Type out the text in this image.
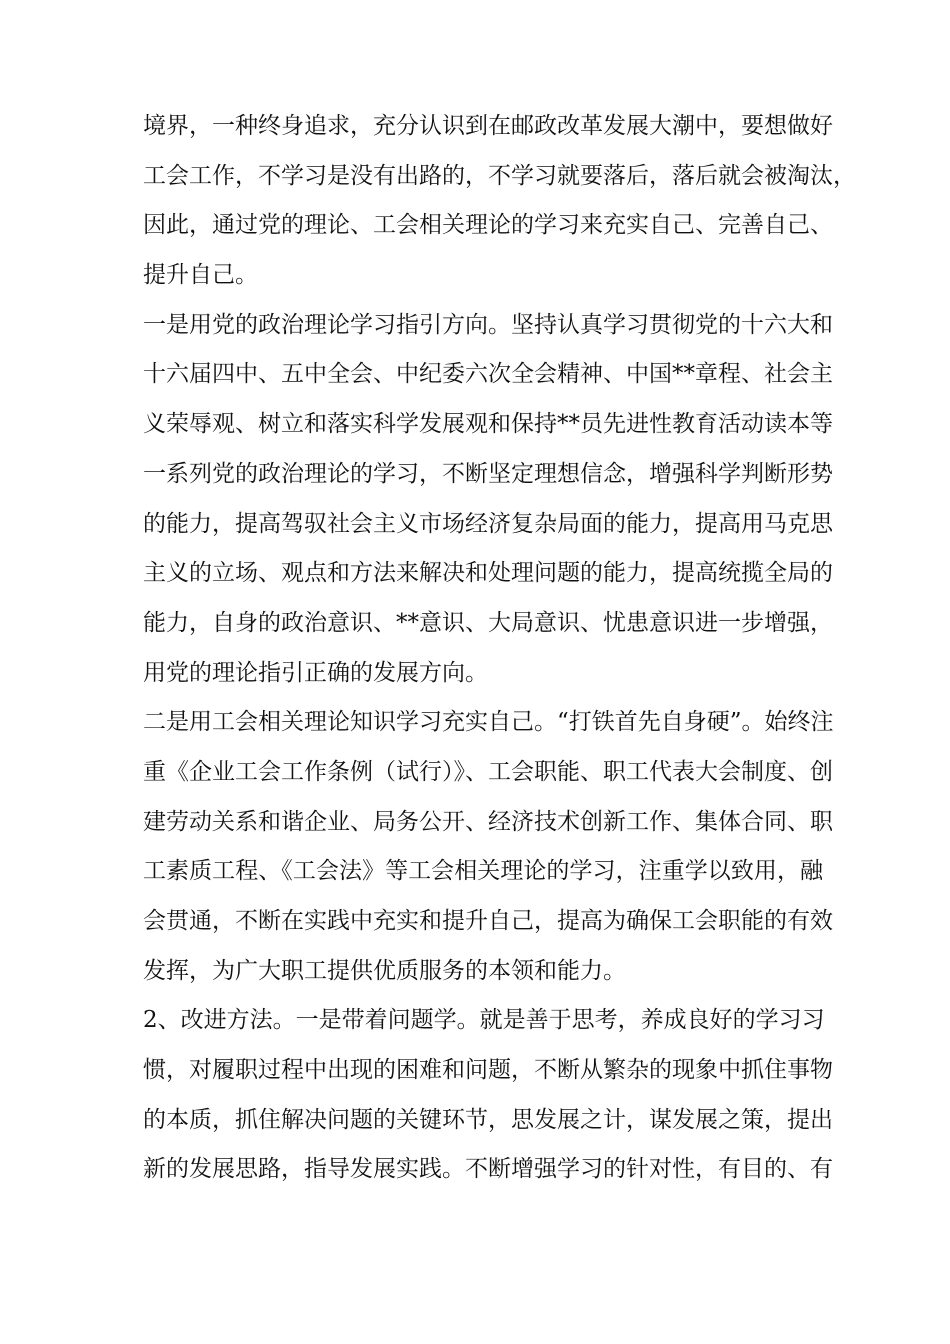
境界，一种终身追求，充分认识到在邮政改革发展大潮中，要想做好
工会工作，不学习是没有出路的，不学习就要落后，落后就会被淘汰，
因此，通过党的理论、工会相关理论的学习来充实自己、完善自己、
提升自己。
一是用党的政治理论学习指引方向。坚持认真学习贯彻党的十六大和
十六届四中、五中全会、中纪委六次全会精神、中国**章程、社会主
义荣辱观、树立和落实科学发展观和保持**员先进性教育活动读本等
一系列党的政治理论的学习，不断坚定理想信念，增强科学判断形势
的能力，提高驾驭社会主义市场经济复杂局面的能力，提高用马克思
主义的立场、观点和方法来解决和处理问题的能力，提高统揽全局的
能力，自身的政治意识、**意识、大局意识、忧患意识进一步增强，
用党的理论指引正确的发展方向。
二是用工会相关理论知识学习充实自己。“打铁首先自身硬”。始终注
重《企业工会工作条例（试行）》、工会职能、职工代表大会制度、创
建劳动关系和谐企业、局务公开、经济技术创新工作、集体合同、职
工素质工程、《工会法》等工会相关理论的学习，注重学以致用，融
会贯通，不断在实践中充实和提升自己，提高为确保工会职能的有效
发挥，为广大职工提供优质服务的本领和能力。
2、改进方法。一是带着问题学。就是善于思考，养成良好的学习习
惯，对履职过程中出现的困难和问题，不断从繁杂的现象中抓住事物
的本质，抓住解决问题的关键环节，思发展之计，谋发展之策，提出
新的发展思路，指导发展实践。不断增强学习的针对性，有目的、有
